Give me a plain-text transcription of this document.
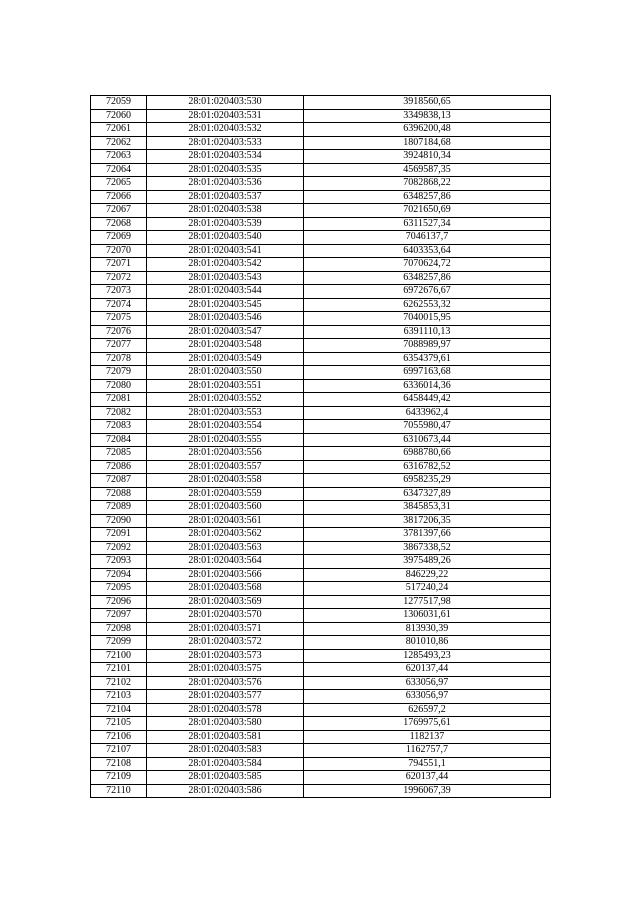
72059	28:01:020403:530	3918560,65
72060	28:01:020403:531	3349838,13
72061	28:01:020403:532	6396200,48
72062	28:01:020403:533	1807184,68
72063	28:01:020403:534	3924810,34
72064	28:01:020403:535	4569587,35
72065	28:01:020403:536	7082868,22
72066	28:01:020403:537	6348257,86
72067	28:01:020403:538	7021650,69
72068	28:01:020403:539	6311527,34
72069	28:01:020403:540	7046137,7
72070	28:01:020403:541	6403353,64
72071	28:01:020403:542	7070624,72
72072	28:01:020403:543	6348257,86
72073	28:01:020403:544	6972676,67
72074	28:01:020403:545	6262553,32
72075	28:01:020403:546	7040015,95
72076	28:01:020403:547	6391110,13
72077	28:01:020403:548	7088989,97
72078	28:01:020403:549	6354379,61
72079	28:01:020403:550	6997163,68
72080	28:01:020403:551	6336014,36
72081	28:01:020403:552	6458449,42
72082	28:01:020403:553	6433962,4
72083	28:01:020403:554	7055980,47
72084	28:01:020403:555	6310673,44
72085	28:01:020403:556	6988780,66
72086	28:01:020403:557	6316782,52
72087	28:01:020403:558	6958235,29
72088	28:01:020403:559	6347327,89
72089	28:01:020403:560	3845853,31
72090	28:01:020403:561	3817206,35
72091	28:01:020403:562	3781397,66
72092	28:01:020403:563	3867338,52
72093	28:01:020403:564	3975489,26
72094	28:01:020403:566	846229,22
72095	28:01:020403:568	517240,24
72096	28:01:020403:569	1277517,98
72097	28:01:020403:570	1306031,61
72098	28:01:020403:571	813930,39
72099	28:01:020403:572	801010,86
72100	28:01:020403:573	1285493,23
72101	28:01:020403:575	620137,44
72102	28:01:020403:576	633056,97
72103	28:01:020403:577	633056,97
72104	28:01:020403:578	626597,2
72105	28:01:020403:580	1769975,61
72106	28:01:020403:581	1182137
72107	28:01:020403:583	1162757,7
72108	28:01:020403:584	794551,1
72109	28:01:020403:585	620137,44
72110	28:01:020403:586	1996067,39
